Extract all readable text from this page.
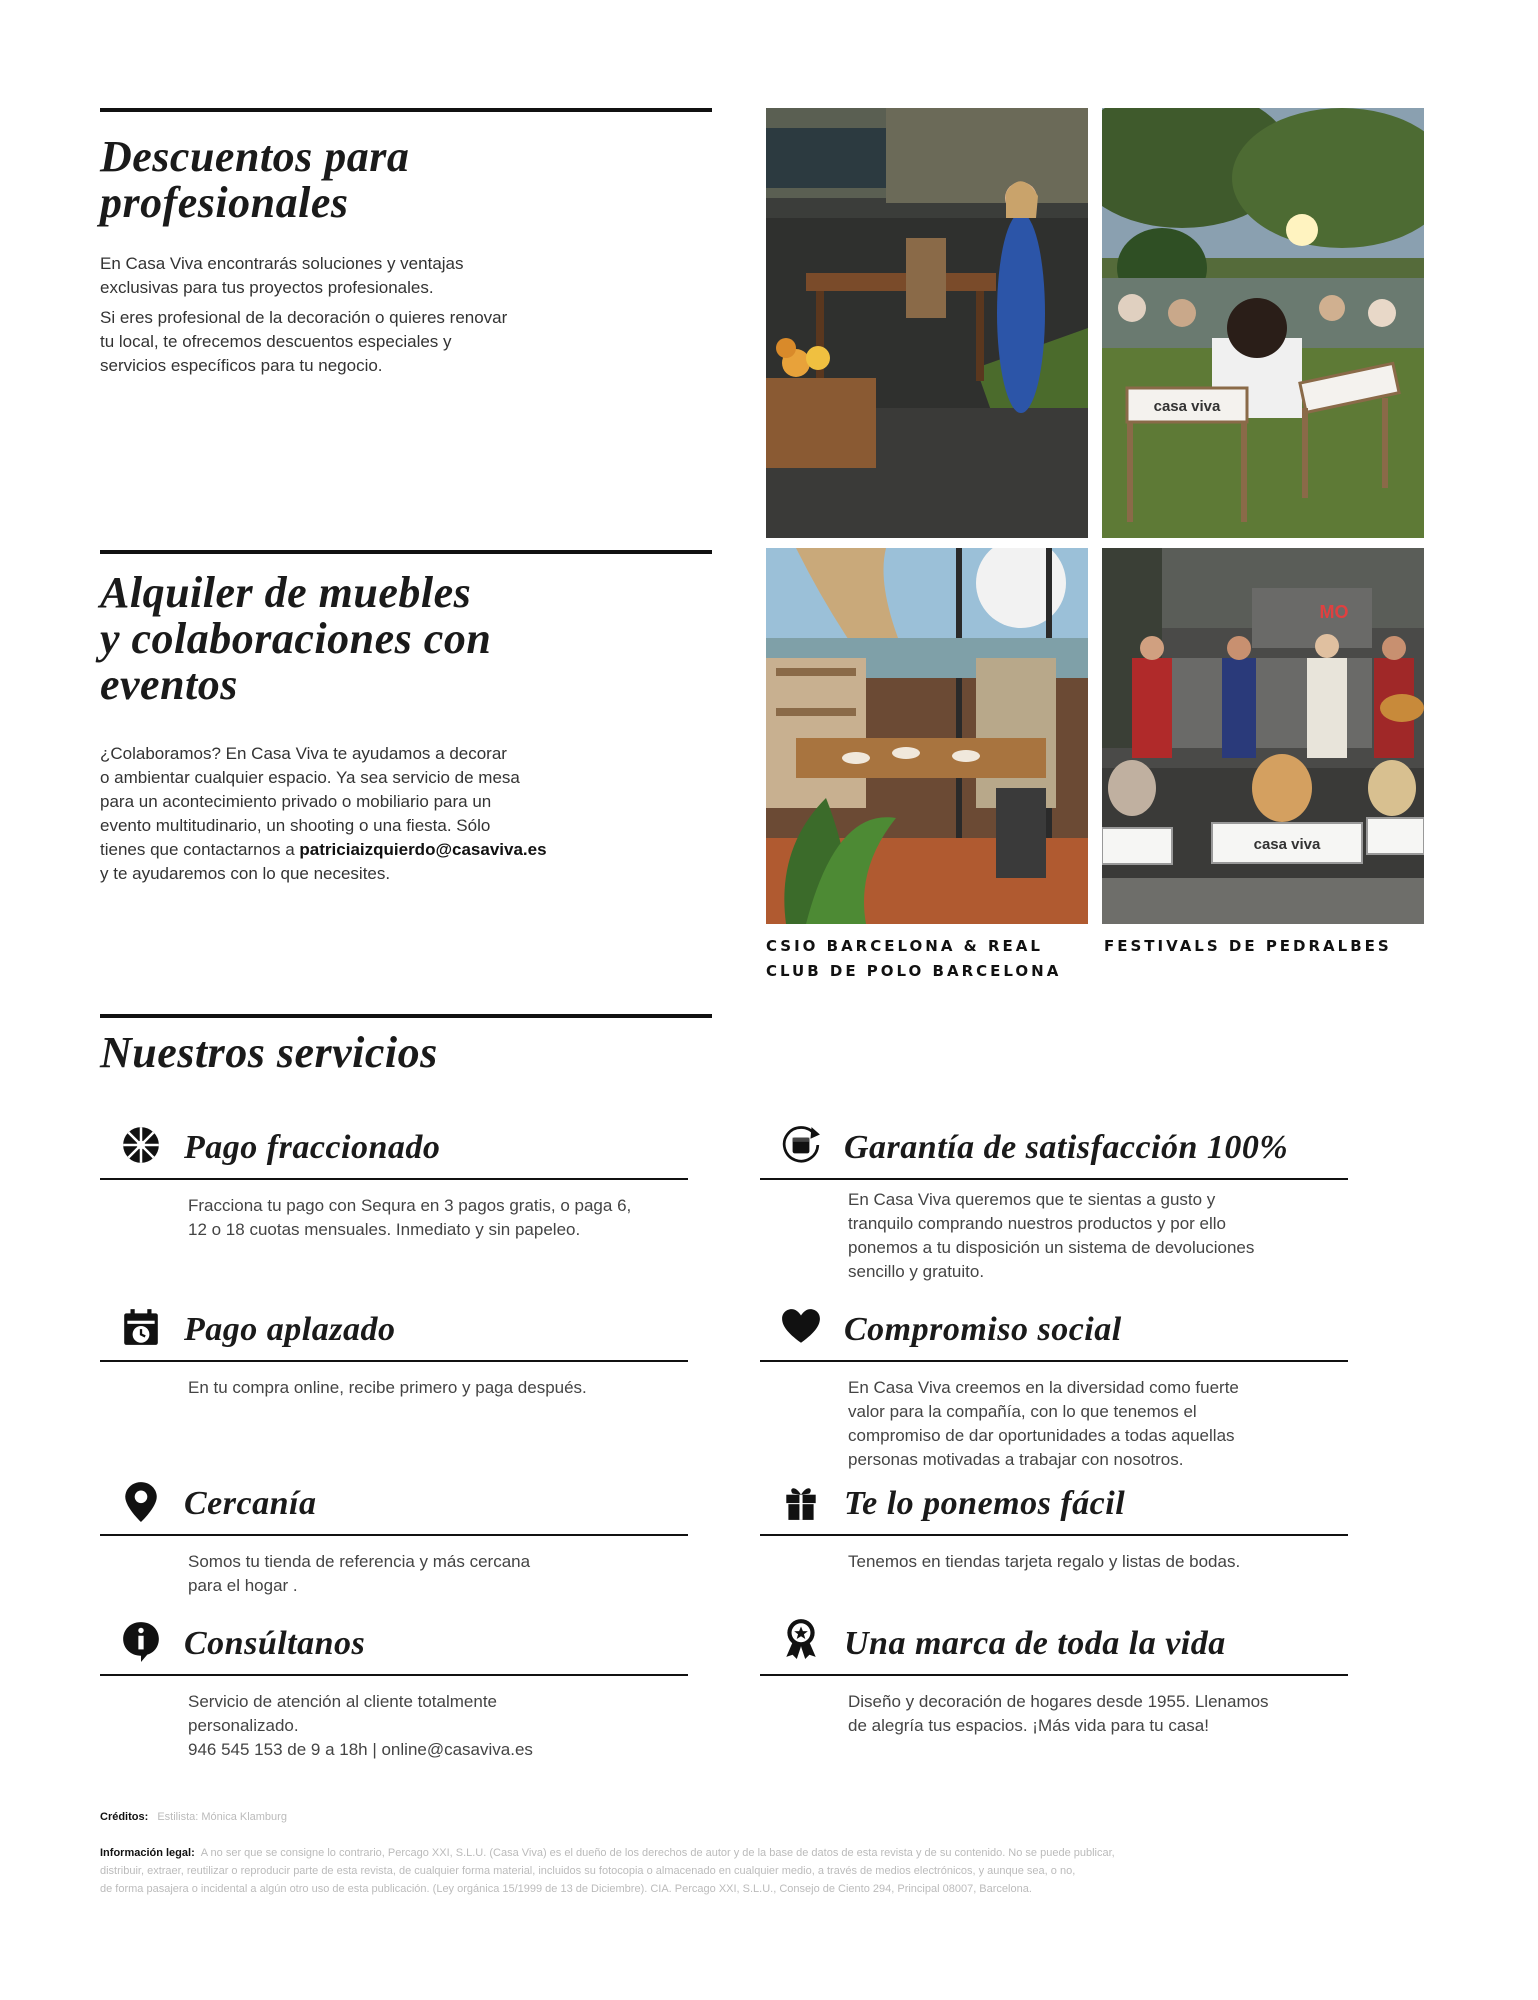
Descuentos para
profesionales

En Casa Viva encontrarás soluciones y ventajas
exclusivas para tus proyectos profesionales.

Si eres profesional de la decoración o quieres renovar
tu local, te ofrecemos descuentos especiales y
servicios específicos para tu negocio.

Alquiler de muebles
y colaboraciones con
eventos

¿Colaboramos? En Casa Viva te ayudamos a decorar
o ambientar cualquier espacio. Ya sea servicio de mesa
para un acontecimiento privado o mobiliario para un
evento multitudinario, un shooting o una fiesta. Sólo
tienes que contactarnos a patriciaizquierdo@casaviva.es
y te ayudaremos con lo que necesites.

casa viva
MO
casa viva
CSIO BARCELONA & REAL
CLUB DE POLO BARCELONA
FESTIVALS DE PEDRALBES
Nuestros servicios
Pago fraccionado
Fracciona tu pago con Sequra en 3 pagos gratis, o paga 6,
12 o 18 cuotas mensuales. Inmediato y sin papeleo.
Garantía de satisfacción 100%
En Casa Viva queremos que te sientas a gusto y
tranquilo comprando nuestros productos y por ello
ponemos a tu disposición un sistema de devoluciones
sencillo y gratuito.
Pago aplazado
En tu compra online, recibe primero y paga después.
Compromiso social
En Casa Viva creemos en la diversidad como fuerte
valor para la compañía, con lo que tenemos el
compromiso de dar oportunidades a todas aquellas
personas motivadas a trabajar con nosotros.
Cercanía
Somos tu tienda de referencia y más cercana
para el hogar .
Te lo ponemos fácil
Tenemos en tiendas tarjeta regalo y listas de bodas.
Consúltanos
Servicio de atención al cliente totalmente
personalizado.
946 545 153 de 9 a 18h | online@casaviva.es
Una marca de toda la vida
Diseño y decoración de hogares desde 1955. Llenamos
de alegría tus espacios. ¡Más vida para tu casa!
Créditos: Estilista: Mónica Klamburg
Información legal: A no ser que se consigne lo contrario, Percago XXI, S.L.U. (Casa Viva) es el dueño de los derechos de autor y de la base de datos de esta revista y de su contenido. No se puede publicar,
distribuir, extraer, reutilizar o reproducir parte de esta revista, de cualquier forma material, incluidos su fotocopia o almacenado en cualquier medio, a través de medios electrónicos, y aunque sea, o no,
de forma pasajera o incidental a algún otro uso de esta publicación. (Ley orgánica 15/1999 de 13 de Diciembre). CIA. Percago XXI, S.L.U., Consejo de Ciento 294, Principal 08007, Barcelona.
